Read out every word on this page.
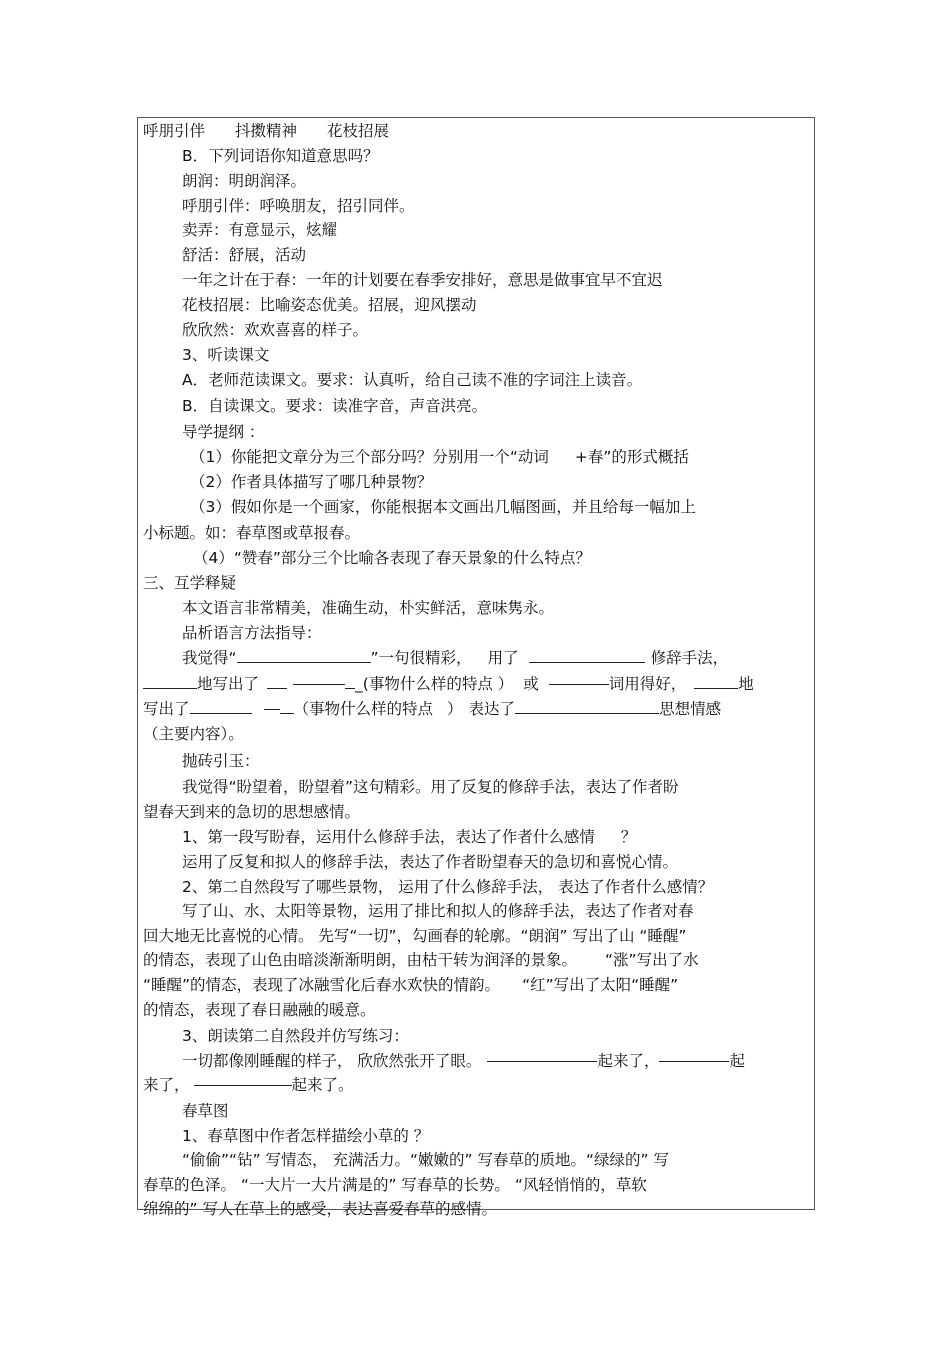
呼朋引伴 抖擞精神 花枝招展
B．下列词语你知道意思吗？
朗润：明朗润泽。
呼朋引伴：呼唤朋友，招引同伴。
卖弄：有意显示，炫耀
舒活：舒展，活动
一年之计在于春：一年的计划要在春季安排好，意思是做事宜早不宜迟
花枝招展：比喻姿态优美。招展，迎风摆动
欣欣然：欢欢喜喜的样子。
3、听读课文
A．老师范读课文。要求：认真听，给自己读不准的字词注上读音。
B．自读课文。要求：读准字音，声音洪亮。
导学提纲 ：
（1）你能把文章分为三个部分吗？分别用一个“动词 +春”的形式概括
（2）作者具体描写了哪几种景物？
（3）假如你是一个画家，你能根据本文画出几幅图画，并且给每一幅加上
小标题。如：春草图或草报春。
（4）“赞春”部分三个比喻各表现了春天景象的什么特点？
三、互学释疑
本文语言非常精美，准确生动，朴实鲜活，意味隽永。
品析语言方法指导：
我觉得“	”一句很精彩， 用了	修辞手法，
地写出了	_(事物什么样的特点 ） 或	词用得好，	地
写出了	（事物什么样的特点 ） 表达了	思想情感
（主要内容）。
抛砖引玉：
我觉得“盼望着，盼望着”这句精彩。用了反复的修辞手法，表达了作者盼
望春天到来的急切的思想感情。
1、第一段写盼春，运用什么修辞手法，表达了作者什么感情 ？
运用了反复和拟人的修辞手法，表达了作者盼望春天的急切和喜悦心情。
2、第二自然段写了哪些景物， 运用了什么修辞手法， 表达了作者什么感情？
写了山、水、太阳等景物，运用了排比和拟人的修辞手法，表达了作者对春
回大地无比喜悦的心情。 先写“一切”，勾画春的轮廓。“朗润” 写出了山 “睡醒”
的情态，表现了山色由暗淡渐渐明朗，由枯干转为润泽的景象。 “涨”写出了水
“睡醒”的情态，表现了冰融雪化后春水欢快的情韵。 “红”写出了太阳“睡醒”
的情态，表现了春日融融的暖意。
3、朗读第二自然段并仿写练习：
一切都像刚睡醒的样子， 欣欣然张开了眼。	起来了，	起
来了，	起来了。
春草图
1、春草图中作者怎样描绘小草的 ？
“偷偷”“钻” 写情态， 充满活力。“嫩嫩的” 写春草的质地。“绿绿的” 写
春草的色泽。 “一大片一大片满是的” 写春草的长势。 “风轻悄悄的，草软
绵绵的” 写人在草上的感受，表达喜爱春草的感情。
